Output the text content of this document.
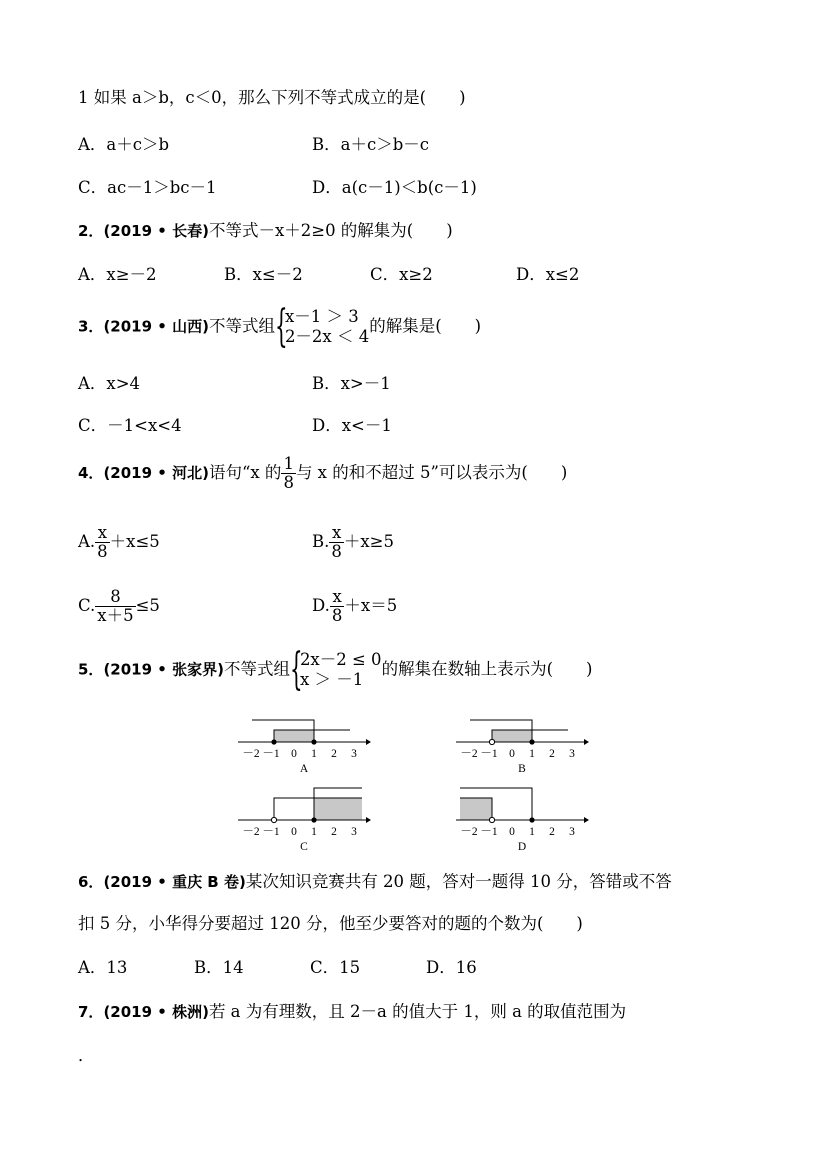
1 如果 a＞b，c＜0，那么下列不等式成立的是(　　)
A．a＋c＞b	B．a＋c＞b－c
C．ac－1＞bc－1	D．a(c－1)＜b(c－1)
2．(2019 • 长春)不等式－x＋2≥0 的解集为(　　)
A．x≥－2	B．x≤－2	C．x≥2	D．x≤2
3．(2019 • 山西)不等式组 {
x－1 ＞ 3
2－2x ＜ 4
的解集是(　　)
A．x>4	B．x>－1
C．－1<x<4	D．x<－1
4．(2019 • 河北)语句“x 的 $\frac{1}{8}$ 与 x 的和不超过 5”可以表示为(　　)
A. $\frac{x}{8} +x\le 5$	B. $\frac{x}{8} +x\ge 5$
C. $\frac{8}{x+5} \le 5$	D. $\frac{x}{8} +x=5$
5．(2019 • 张家界)不等式组 {
2x－2 ≤ 0
x ＞ －1
的解集在数轴上表示为(　　)
－2 －1 0 1 2 3
A
－2 －1 0 1 2 3
B
－2 －1 0 1 2 3
C
－2 －1 0 1 2 3
D
6．(2019 • 重庆 B 卷)某次知识竞赛共有 20 题，答对一题得 10 分，答错或不答
扣 5 分，小华得分要超过 120 分，他至少要答对的题的个数为(　　)
A．13	B．14	C．15	D．16
7．(2019 • 株洲)若 a 为有理数，且 2－a 的值大于 1，则 a 的取值范围为
．
